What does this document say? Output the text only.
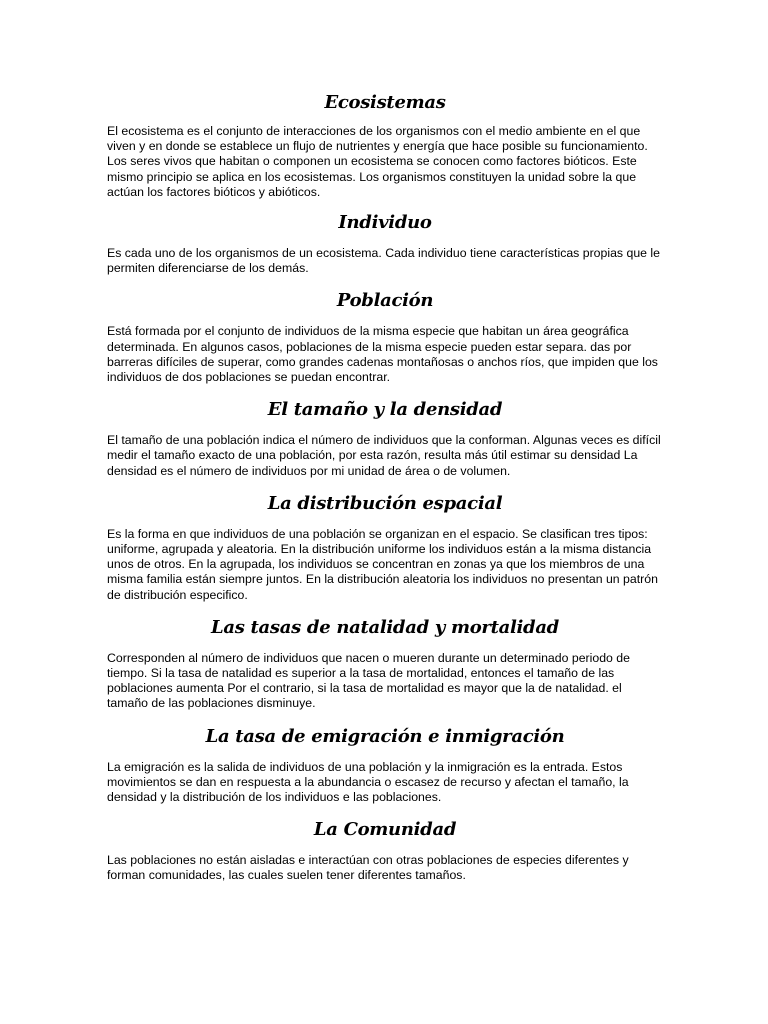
Ecosistemas

El ecosistema es el conjunto de interacciones de los organismos con el medio ambiente en el que viven y en donde se establece un flujo de nutrientes y energía que hace posible su funcionamiento. Los seres vivos que habitan o componen un ecosistema se conocen como factores bióticos. Este mismo principio se aplica en los ecosistemas. Los organismos constituyen la unidad sobre la que actúan los factores bióticos y abióticos.

Individuo

Es cada uno de los organismos de un ecosistema. Cada individuo tiene características propias que le permiten diferenciarse de los demás.

Población

Está formada por el conjunto de individuos de la misma especie que habitan un área geográfica determinada. En algunos casos, poblaciones de la misma especie pueden estar separa. das por barreras difíciles de superar, como grandes cadenas montañosas o anchos ríos, que impiden que los individuos de dos poblaciones se puedan encontrar.

El tamaño y la densidad

El tamaño de una población indica el número de individuos que la conforman. Algunas veces es difícil medir el tamaño exacto de una población, por esta razón, resulta más útil estimar su densidad La densidad es el número de individuos por mi unidad de área o de volumen.

La distribución espacial

Es la forma en que individuos de una población se organizan en el espacio. Se clasifican tres tipos: uniforme, agrupada y aleatoria. En la distribución uniforme los individuos están a la misma distancia unos de otros. En la agrupada, los individuos se concentran en zonas ya que los miembros de una misma familia están siempre juntos. En la distribución aleatoria los individuos no presentan un patrón de distribución especifico.

Las tasas de natalidad y mortalidad

Corresponden al número de individuos que nacen o mueren durante un determinado periodo de tiempo. Si la tasa de natalidad es superior a la tasa de mortalidad, entonces el tamaño de las poblaciones aumenta Por el contrario, si la tasa de mortalidad es mayor que la de natalidad. el tamaño de las poblaciones disminuye.

La tasa de emigración e inmigración

La emigración es la salida de individuos de una población y la inmigración es la entrada. Estos movimientos se dan en respuesta a la abundancia o escasez de recurso y afectan el tamaño, la densidad y la distribución de los individuos e las poblaciones.

La Comunidad

Las poblaciones no están aisladas e interactúan con otras poblaciones de especies diferentes y forman comunidades, las cuales suelen tener diferentes tamaños.
